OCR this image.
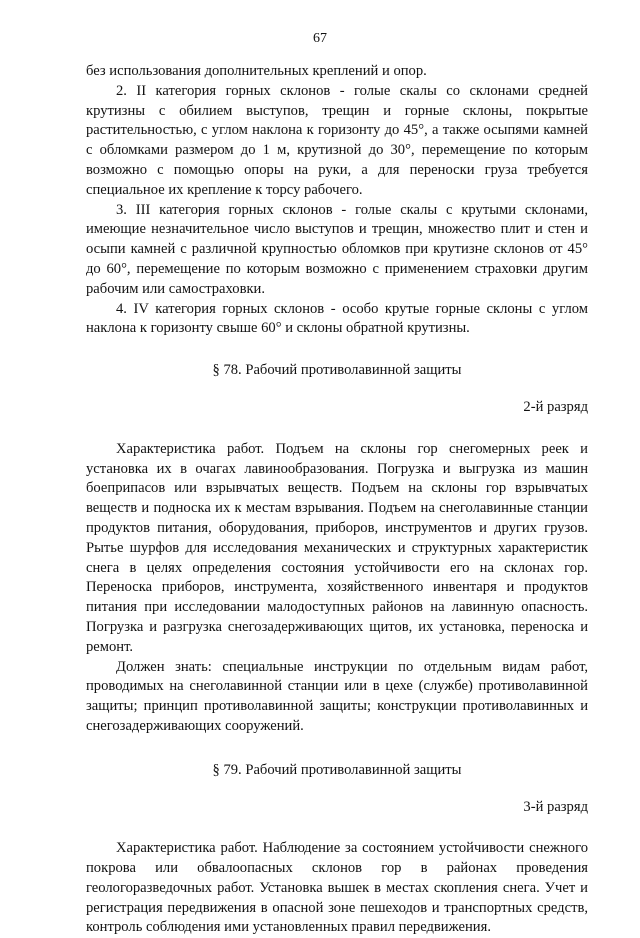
67

без использования дополнительных креплений и опор.

2. II категория горных склонов - голые скалы со склонами средней крутизны с обилием выступов, трещин и горные склоны, покрытые растительностью, с углом наклона к горизонту до 45°, а также осыпями камней с обломками размером до 1 м, крутизной до 30°, перемещение по которым возможно с помощью опоры на руки, а для переноски груза требуется специальное их крепление к торсу рабочего.

3. III категория горных склонов - голые скалы с крутыми склонами, имеющие незначительное число выступов и трещин, множество плит и стен и осыпи камней с различной крупностью обломков при крутизне склонов от 45° до 60°, перемещение по которым возможно с применением страховки другим рабочим или самостраховки.

4. IV категория горных склонов - особо крутые горные склоны с углом наклона к горизонту свыше 60° и склоны обратной крутизны.

§ 78. Рабочий противолавинной защиты

2-й разряд

Характеристика работ. Подъем на склоны гор снегомерных реек и установка их в очагах лавинообразования. Погрузка и выгрузка из машин боеприпасов или взрывчатых веществ. Подъем на склоны гор взрывчатых веществ и подноска их к местам взрывания. Подъем на снеголавинные станции продуктов питания, оборудования, приборов, инструментов и других грузов. Рытье шурфов для исследования механических и структурных характеристик снега в целях определения состояния устойчивости его на склонах гор. Переноска приборов, инструмента, хозяйственного инвентаря и продуктов питания при исследовании малодоступных районов на лавинную опасность. Погрузка и разгрузка снегозадерживающих щитов, их установка, переноска и ремонт.

Должен знать: специальные инструкции по отдельным видам работ, проводимых на снеголавинной станции или в цехе (службе) противолавинной защиты; принцип противолавинной защиты; конструкции противолавинных и снегозадерживающих сооружений.

§ 79. Рабочий противолавинной защиты

3-й разряд

Характеристика работ. Наблюдение за состоянием устойчивости снежного покрова или обвалоопасных склонов гор в районах проведения геологоразведочных работ. Установка вышек в местах скопления снега. Учет и регистрация передвижения в опасной зоне пешеходов и транспортных средств, контроль соблюдения ими установленных правил передвижения.
